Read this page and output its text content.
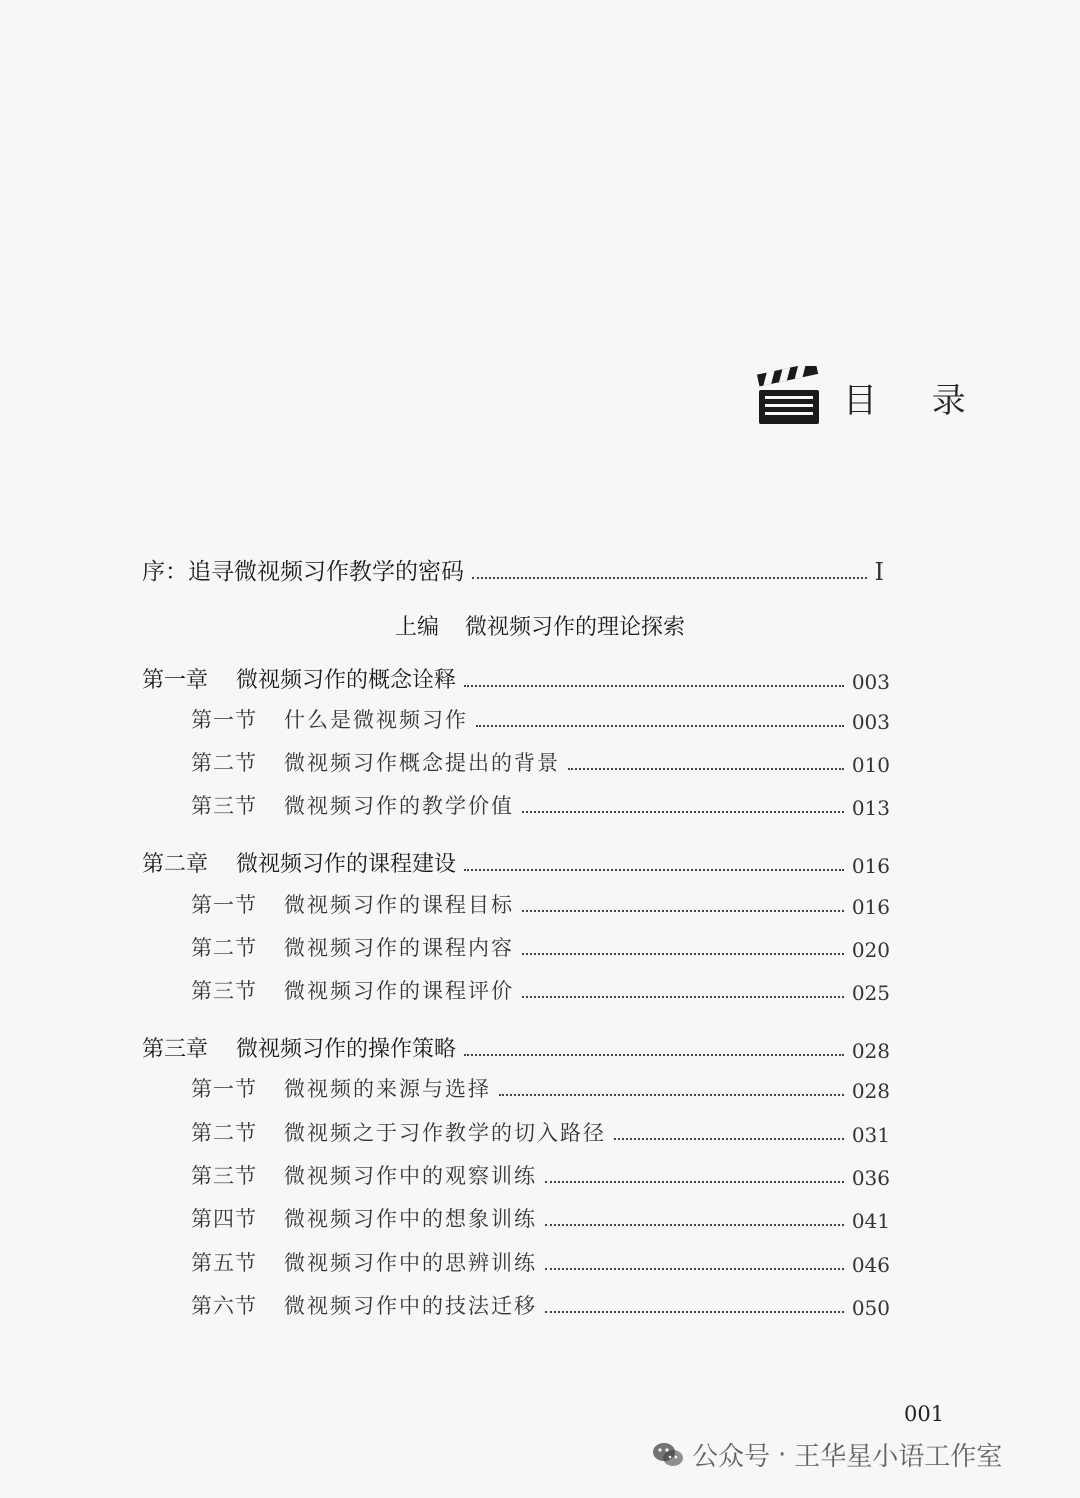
目 录
序：追寻微视频习作教学的密码	I
上编 微视频习作的理论探索
第一章	微视频习作的概念诠释	003
第一节	什么是微视频习作	003
第二节	微视频习作概念提出的背景	010
第三节	微视频习作的教学价值	013
第二章	微视频习作的课程建设	016
第一节	微视频习作的课程目标	016
第二节	微视频习作的课程内容	020
第三节	微视频习作的课程评价	025
第三章	微视频习作的操作策略	028
第一节	微视频的来源与选择	028
第二节	微视频之于习作教学的切入路径	031
第三节	微视频习作中的观察训练	036
第四节	微视频习作中的想象训练	041
第五节	微视频习作中的思辨训练	046
第六节	微视频习作中的技法迁移	050
001
公众号 · 王华星小语工作室
